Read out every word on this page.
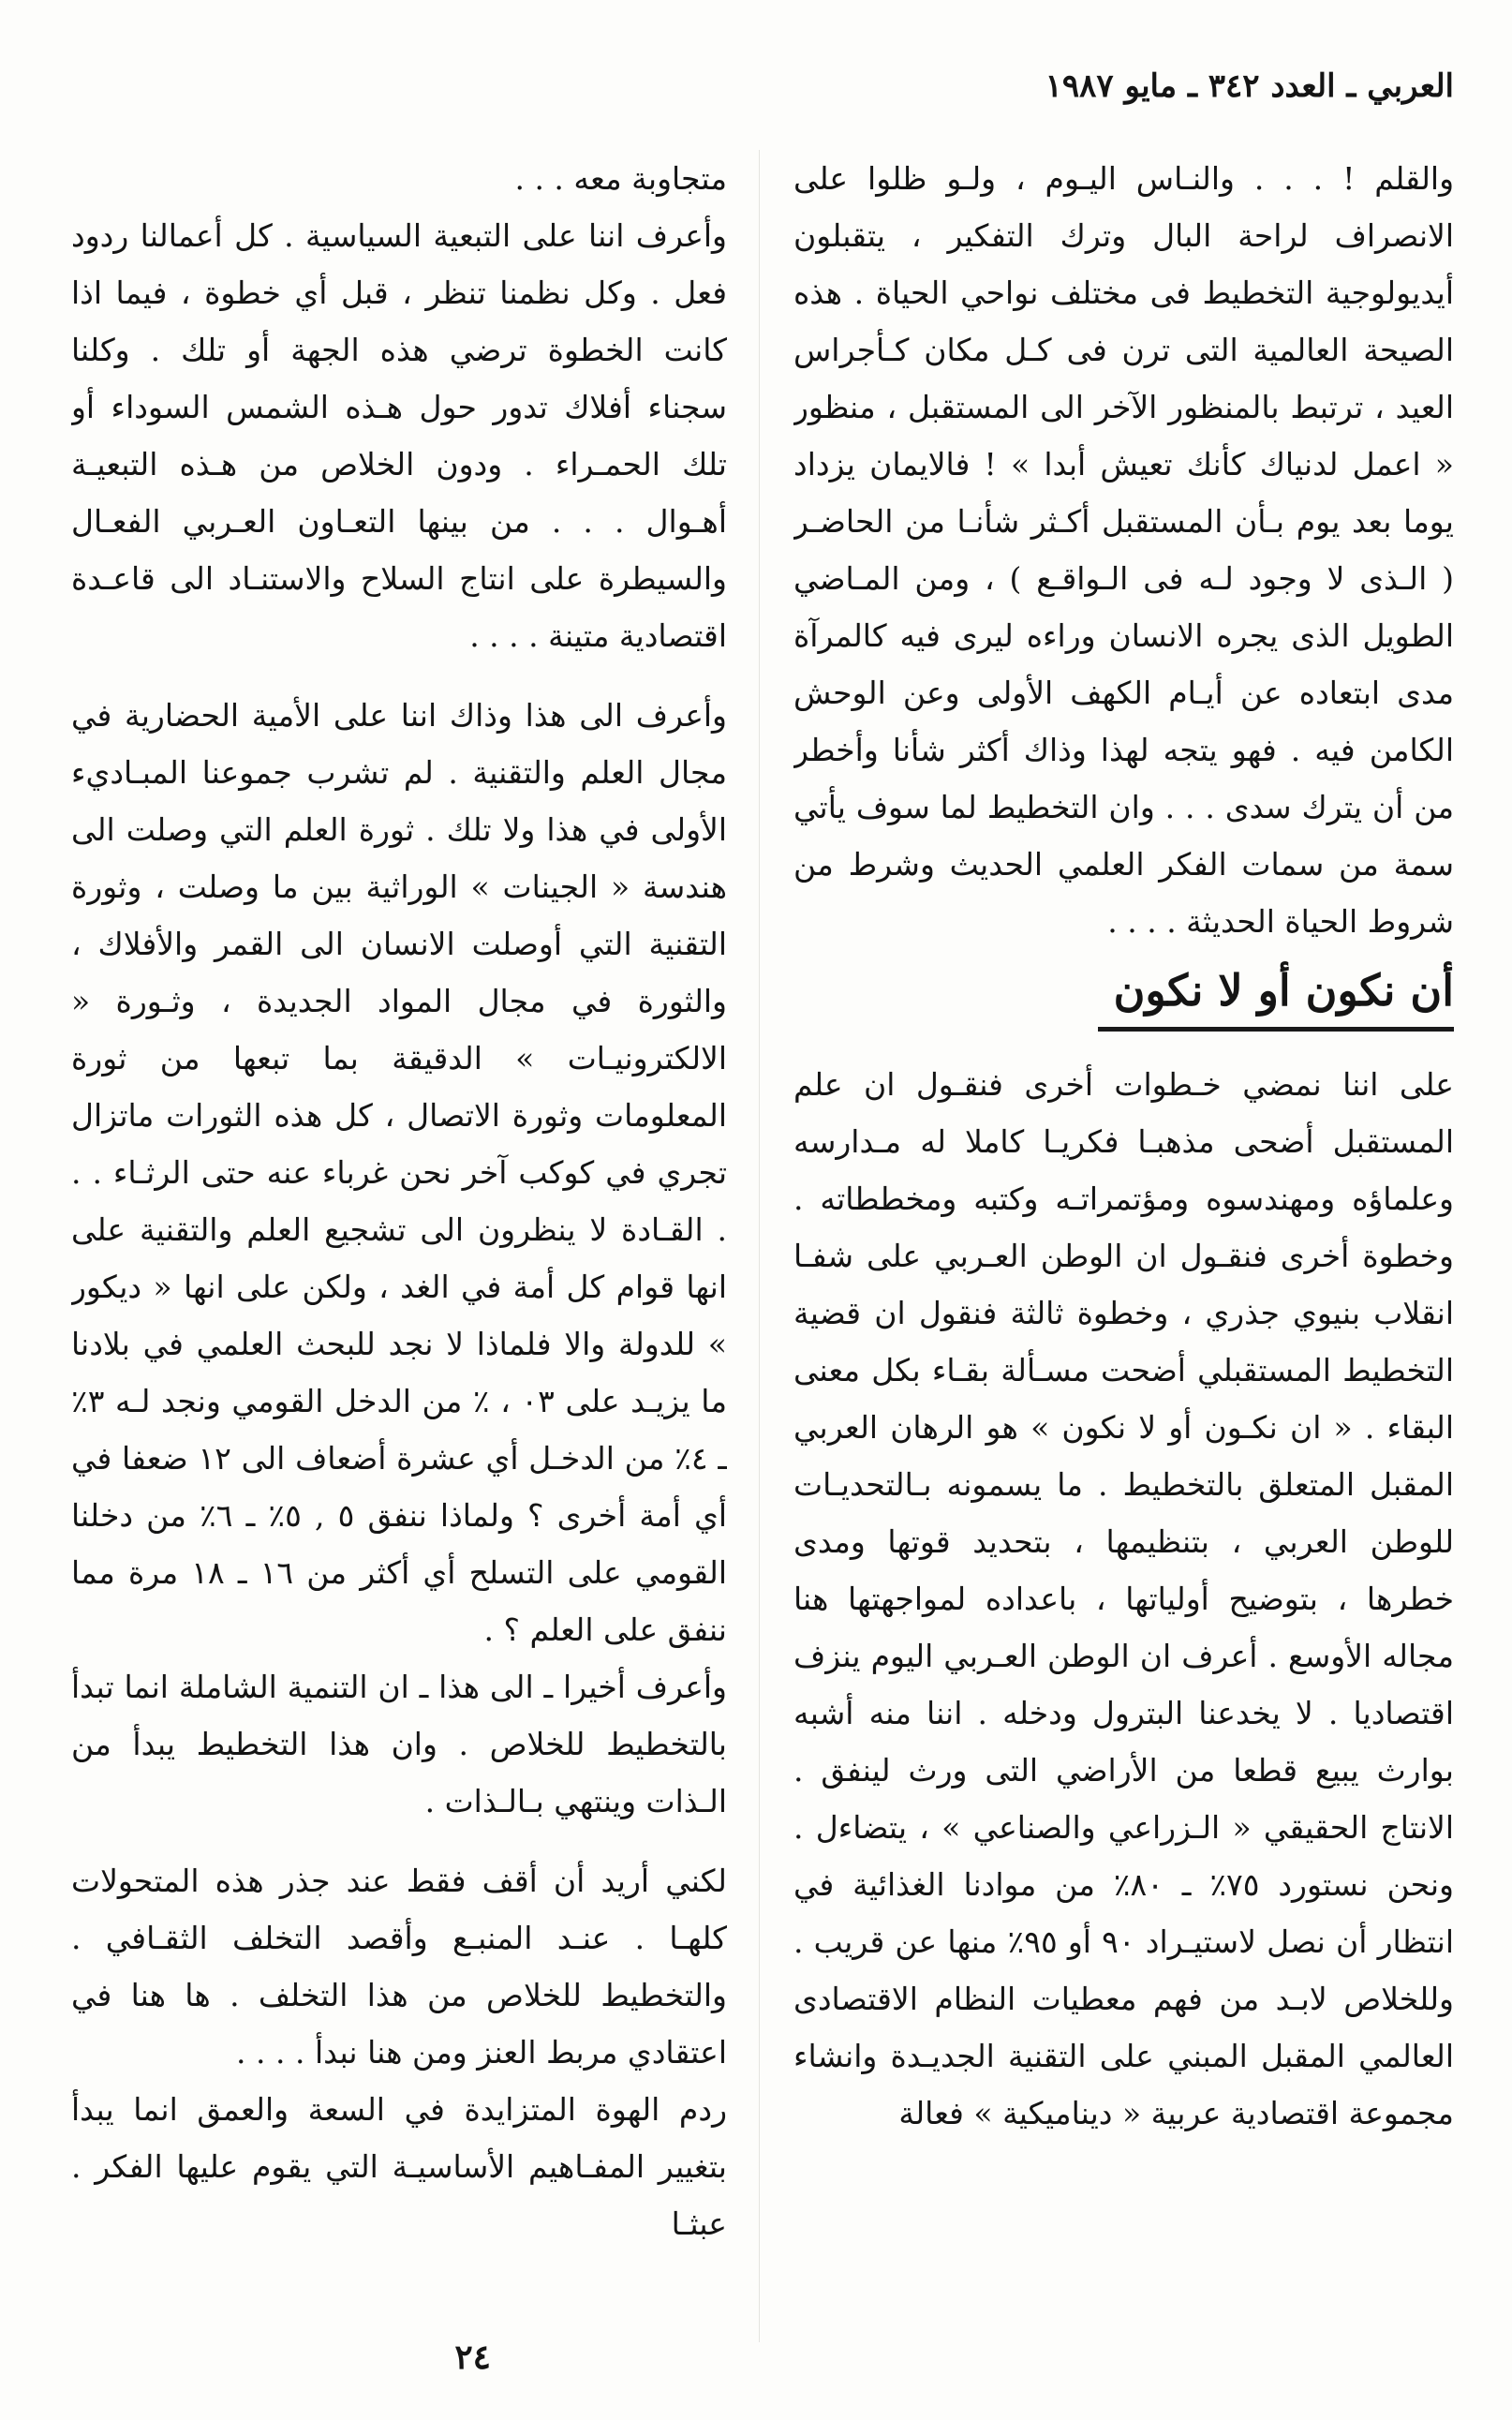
العربي ـ العدد ٣٤٢ ـ مايو ١٩٨٧

والقلم ! . . . والنـاس اليـوم ، ولـو ظلوا على الانصراف لراحة البال وترك التفكير ، يتقبلون أيديولوجية التخطيط فى مختلف نواحي الحياة . هذه الصيحة العالمية التى ترن فى كـل مكان كـأجراس العيد ، ترتبط بالمنظور الآخر الى المستقبل ، منظور « اعمل لدنياك كأنك تعيش أبدا » ! فالايمان يزداد يوما بعد يوم بـأن المستقبل أكـثر شأنـا من الحاضـر ( الـذى لا وجود لـه فى الـواقـع ) ، ومن المـاضي الطويل الذى يجره الانسان وراءه ليرى فيه كالمرآة مدى ابتعاده عن أيـام الكهف الأولى وعن الوحش الكامن فيه . فهو يتجه لهذا وذاك أكثر شأنا وأخطر من أن يترك سدى . . . وان التخطيط لما سوف يأتي سمة من سمات الفكر العلمي الحديث وشرط من شروط الحياة الحديثة . . . .

أن نكون أو لا نكون

على اننا نمضي خـطوات أخرى فنقـول ان علم المستقبل أضحى مذهبـا فكريـا كاملا له مـدارسه وعلماؤه ومهندسوه ومؤتمراتـه وكتبه ومخططاته . وخطوة أخرى فنقـول ان الوطن العـربي على شفـا انقلاب بنيوي جذري ، وخطوة ثالثة فنقول ان قضية التخطيط المستقبلي أضحت مسـألة بقـاء بكل معنى البقاء . « ان نكـون أو لا نكون » هو الرهان العربي المقبل المتعلق بالتخطيط . ما يسمونه بـالتحديـات للوطن العربي ، بتنظيمها ، بتحديد قوتها ومدى خطرها ، بتوضيح أولياتها ، باعداده لمواجهتها هنا مجاله الأوسع . أعرف ان الوطن العـربي اليوم ينزف اقتصاديا . لا يخدعنا البترول ودخله . اننا منه أشبه بوارث يبيع قطعا من الأراضي التى ورث لينفق . الانتاج الحقيقي « الـزراعي والصناعي » ، يتضاءل . ونحن نستورد ٧٥٪ ـ ٨٠٪ من موادنا الغذائية في انتظار أن نصل لاستيـراد ٩٠ أو ٩٥٪ منها عن قريب . وللخلاص لابـد من فهم معطيات النظام الاقتصادى العالمي المقبل المبني على التقنية الجديـدة وانشاء مجموعة اقتصادية عربية « ديناميكية » فعالة

متجاوبة معه . . .

وأعرف اننا على التبعية السياسية . كل أعمالنا ردود فعل . وكل نظمنا تنظر ، قبل أي خطوة ، فيما اذا كانت الخطوة ترضي هذه الجهة أو تلك . وكلنا سجناء أفلاك تدور حول هـذه الشمس السوداء أو تلك الحمـراء . ودون الخلاص من هـذه التبعيـة أهـوال . . . من بينها التعـاون العـربي الفعـال والسيطرة على انتاج السلاح والاستنـاد الى قاعـدة اقتصادية متينة . . . .

وأعرف الى هذا وذاك اننا على الأمية الحضارية في مجال العلم والتقنية . لم تشرب جموعنا المبـاديء الأولى في هذا ولا تلك . ثورة العلم التي وصلت الى هندسة « الجينات » الوراثية بين ما وصلت ، وثورة التقنية التي أوصلت الانسان الى القمر والأفلاك ، والثورة في مجال المواد الجديدة ، وثـورة « الالكترونيـات » الدقيقة بما تبعها من ثورة المعلومات وثورة الاتصال ، كل هذه الثورات ماتزال تجري في كوكب آخر نحن غرباء عنه حتى الرثـاء . . . القـادة لا ينظرون الى تشجيع العلم والتقنية على انها قوام كل أمة في الغد ، ولكن على انها « ديكور » للدولة والا فلماذا لا نجد للبحث العلمي في بلادنا ما يزيـد على ٠٣ ، ٪ من الدخل القومي ونجد لـه ٣٪ ـ ٤٪ من الدخـل أي عشرة أضعاف الى ١٢ ضعفا في أي أمة أخرى ؟ ولماذا ننفق ٥ , ٥٪ ـ ٦٪ من دخلنا القومي على التسلح أي أكثر من ١٦ ـ ١٨ مرة مما ننفق على العلم ؟ .

وأعرف أخيرا ـ الى هذا ـ ان التنمية الشاملة انما تبدأ بالتخطيط للخلاص . وان هذا التخطيط يبدأ من الـذات وينتهي بـالـذات .

لكني أريد أن أقف فقط عند جذر هذه المتحولات كلهـا . عنـد المنبـع وأقصد التخلف الثقـافي . والتخطيط للخلاص من هذا التخلف . ها هنا في اعتقادي مربط العنز ومن هنا نبدأ . . . .

ردم الهوة المتزايدة في السعة والعمق انما يبدأ بتغيير المفـاهيم الأساسيـة التي يقوم عليها الفكر . عبثـا

٢٤
